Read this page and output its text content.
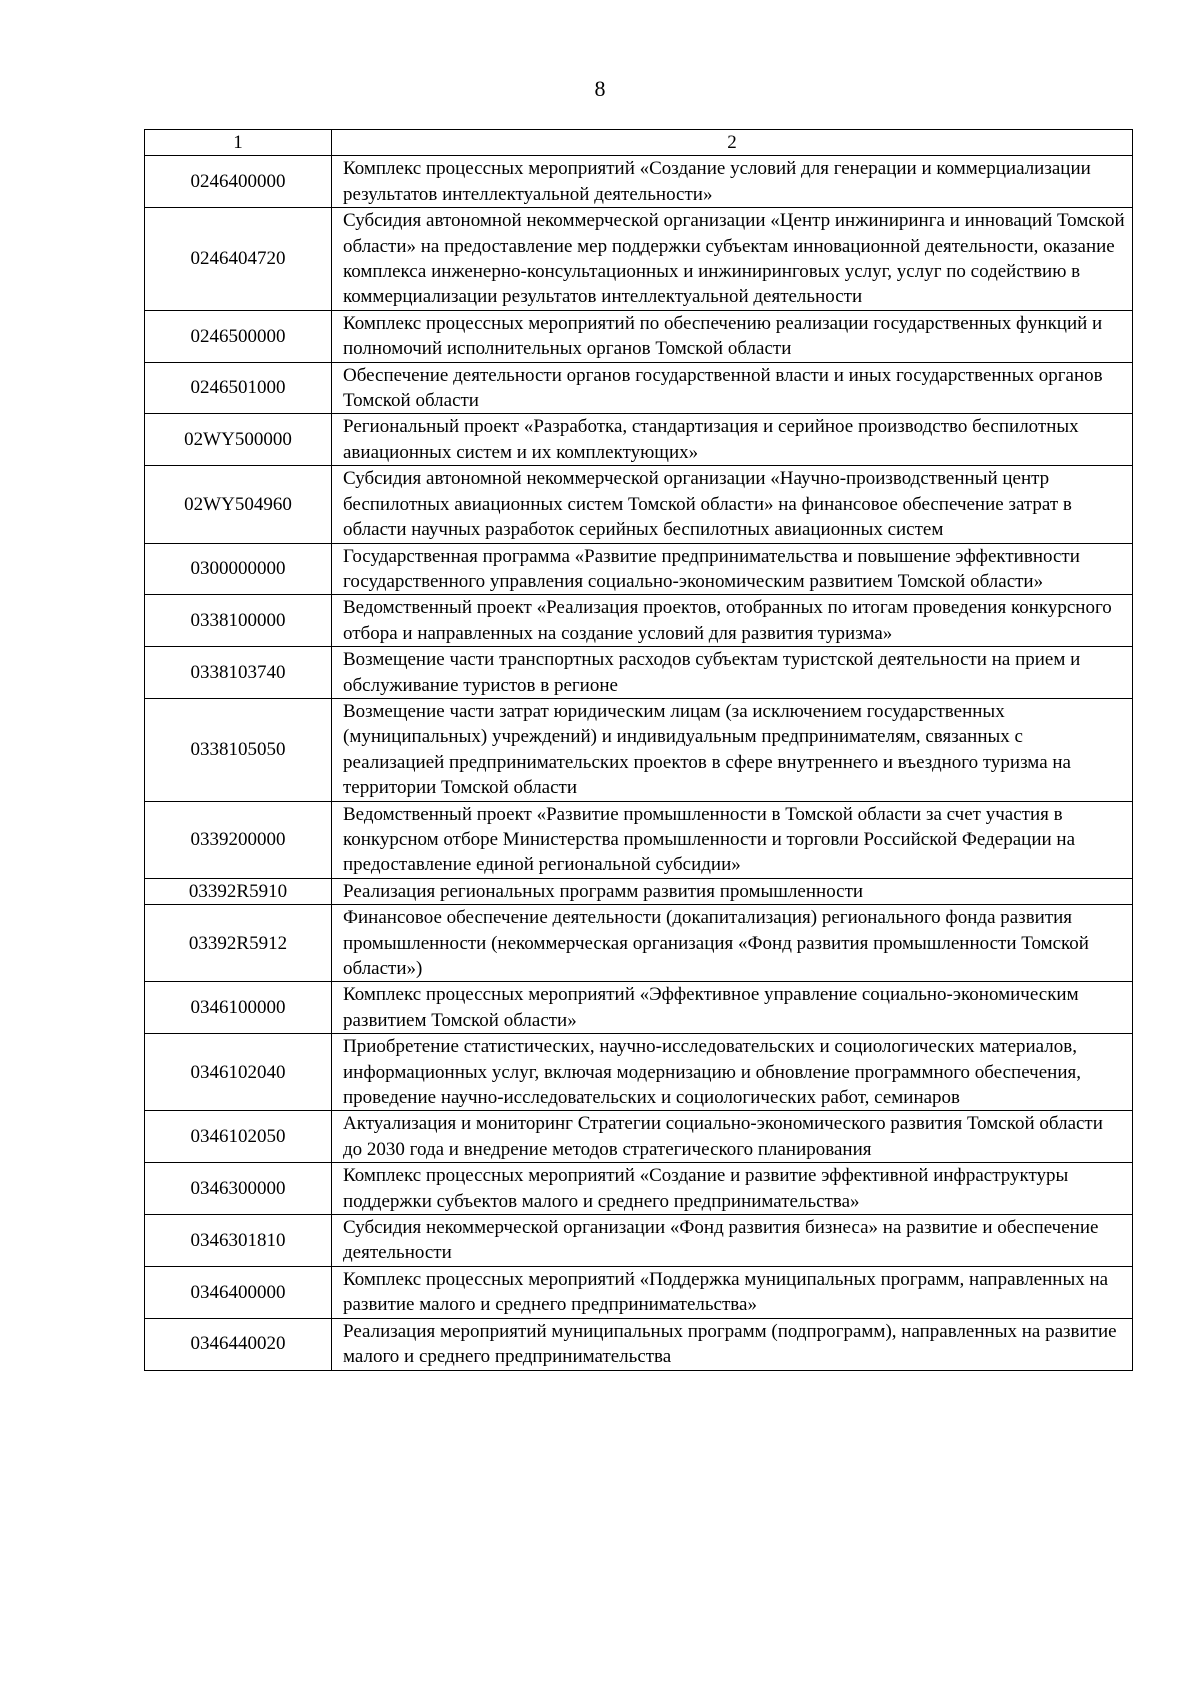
8
1	2
0246400000	Комплекс процессных мероприятий «Создание условий для генерации и коммерциализации результатов интеллектуальной деятельности»
0246404720	Субсидия автономной некоммерческой организации «Центр инжиниринга и инноваций Томской области» на предоставление мер поддержки субъектам инновационной деятельности, оказание комплекса инженерно-консультационных и инжиниринговых услуг, услуг по содействию в коммерциализации результатов интеллектуальной деятельности
0246500000	Комплекс процессных мероприятий по обеспечению реализации государственных функций и полномочий исполнительных органов Томской области
0246501000	Обеспечение деятельности органов государственной власти и иных государственных органов Томской области
02WY500000	Региональный проект «Разработка, стандартизация и серийное производство беспилотных авиационных систем и их комплектующих»
02WY504960	Субсидия автономной некоммерческой организации «Научно-производственный центр беспилотных авиационных систем Томской области» на финансовое обеспечение затрат в области научных разработок серийных беспилотных авиационных систем
0300000000	Государственная программа «Развитие предпринимательства и повышение эффективности государственного управления социально-экономическим развитием Томской области»
0338100000	Ведомственный проект «Реализация проектов, отобранных по итогам проведения конкурсного отбора и направленных на создание условий для развития туризма»
0338103740	Возмещение части транспортных расходов субъектам туристской деятельности на прием и обслуживание туристов в регионе
0338105050	Возмещение части затрат юридическим лицам (за исключением государственных (муниципальных) учреждений) и индивидуальным предпринимателям, связанных с реализацией предпринимательских проектов в сфере внутреннего и въездного туризма на территории Томской области
0339200000	Ведомственный проект «Развитие промышленности в Томской области за счет участия в конкурсном отборе Министерства промышленности и торговли Российской Федерации на предоставление единой региональной субсидии»
03392R5910	Реализация региональных программ развития промышленности
03392R5912	Финансовое обеспечение деятельности (докапитализация) регионального фонда развития промышленности (некоммерческая организация «Фонд развития промышленности Томской области»)
0346100000	Комплекс процессных мероприятий «Эффективное управление социально-экономическим развитием Томской области»
0346102040	Приобретение статистических, научно-исследовательских и социологических материалов, информационных услуг, включая модернизацию и обновление программного обеспечения, проведение научно-исследовательских и социологических работ, семинаров
0346102050	Актуализация и мониторинг Стратегии социально-экономического развития Томской области до 2030 года и внедрение методов стратегического планирования
0346300000	Комплекс процессных мероприятий «Создание и развитие эффективной инфраструктуры поддержки субъектов малого и среднего предпринимательства»
0346301810	Субсидия некоммерческой организации «Фонд развития бизнеса» на развитие и обеспечение деятельности
0346400000	Комплекс процессных мероприятий «Поддержка муниципальных программ, направленных на развитие малого и среднего предпринимательства»
0346440020	Реализация мероприятий муниципальных программ (подпрограмм), направленных на развитие малого и среднего предпринимательства
